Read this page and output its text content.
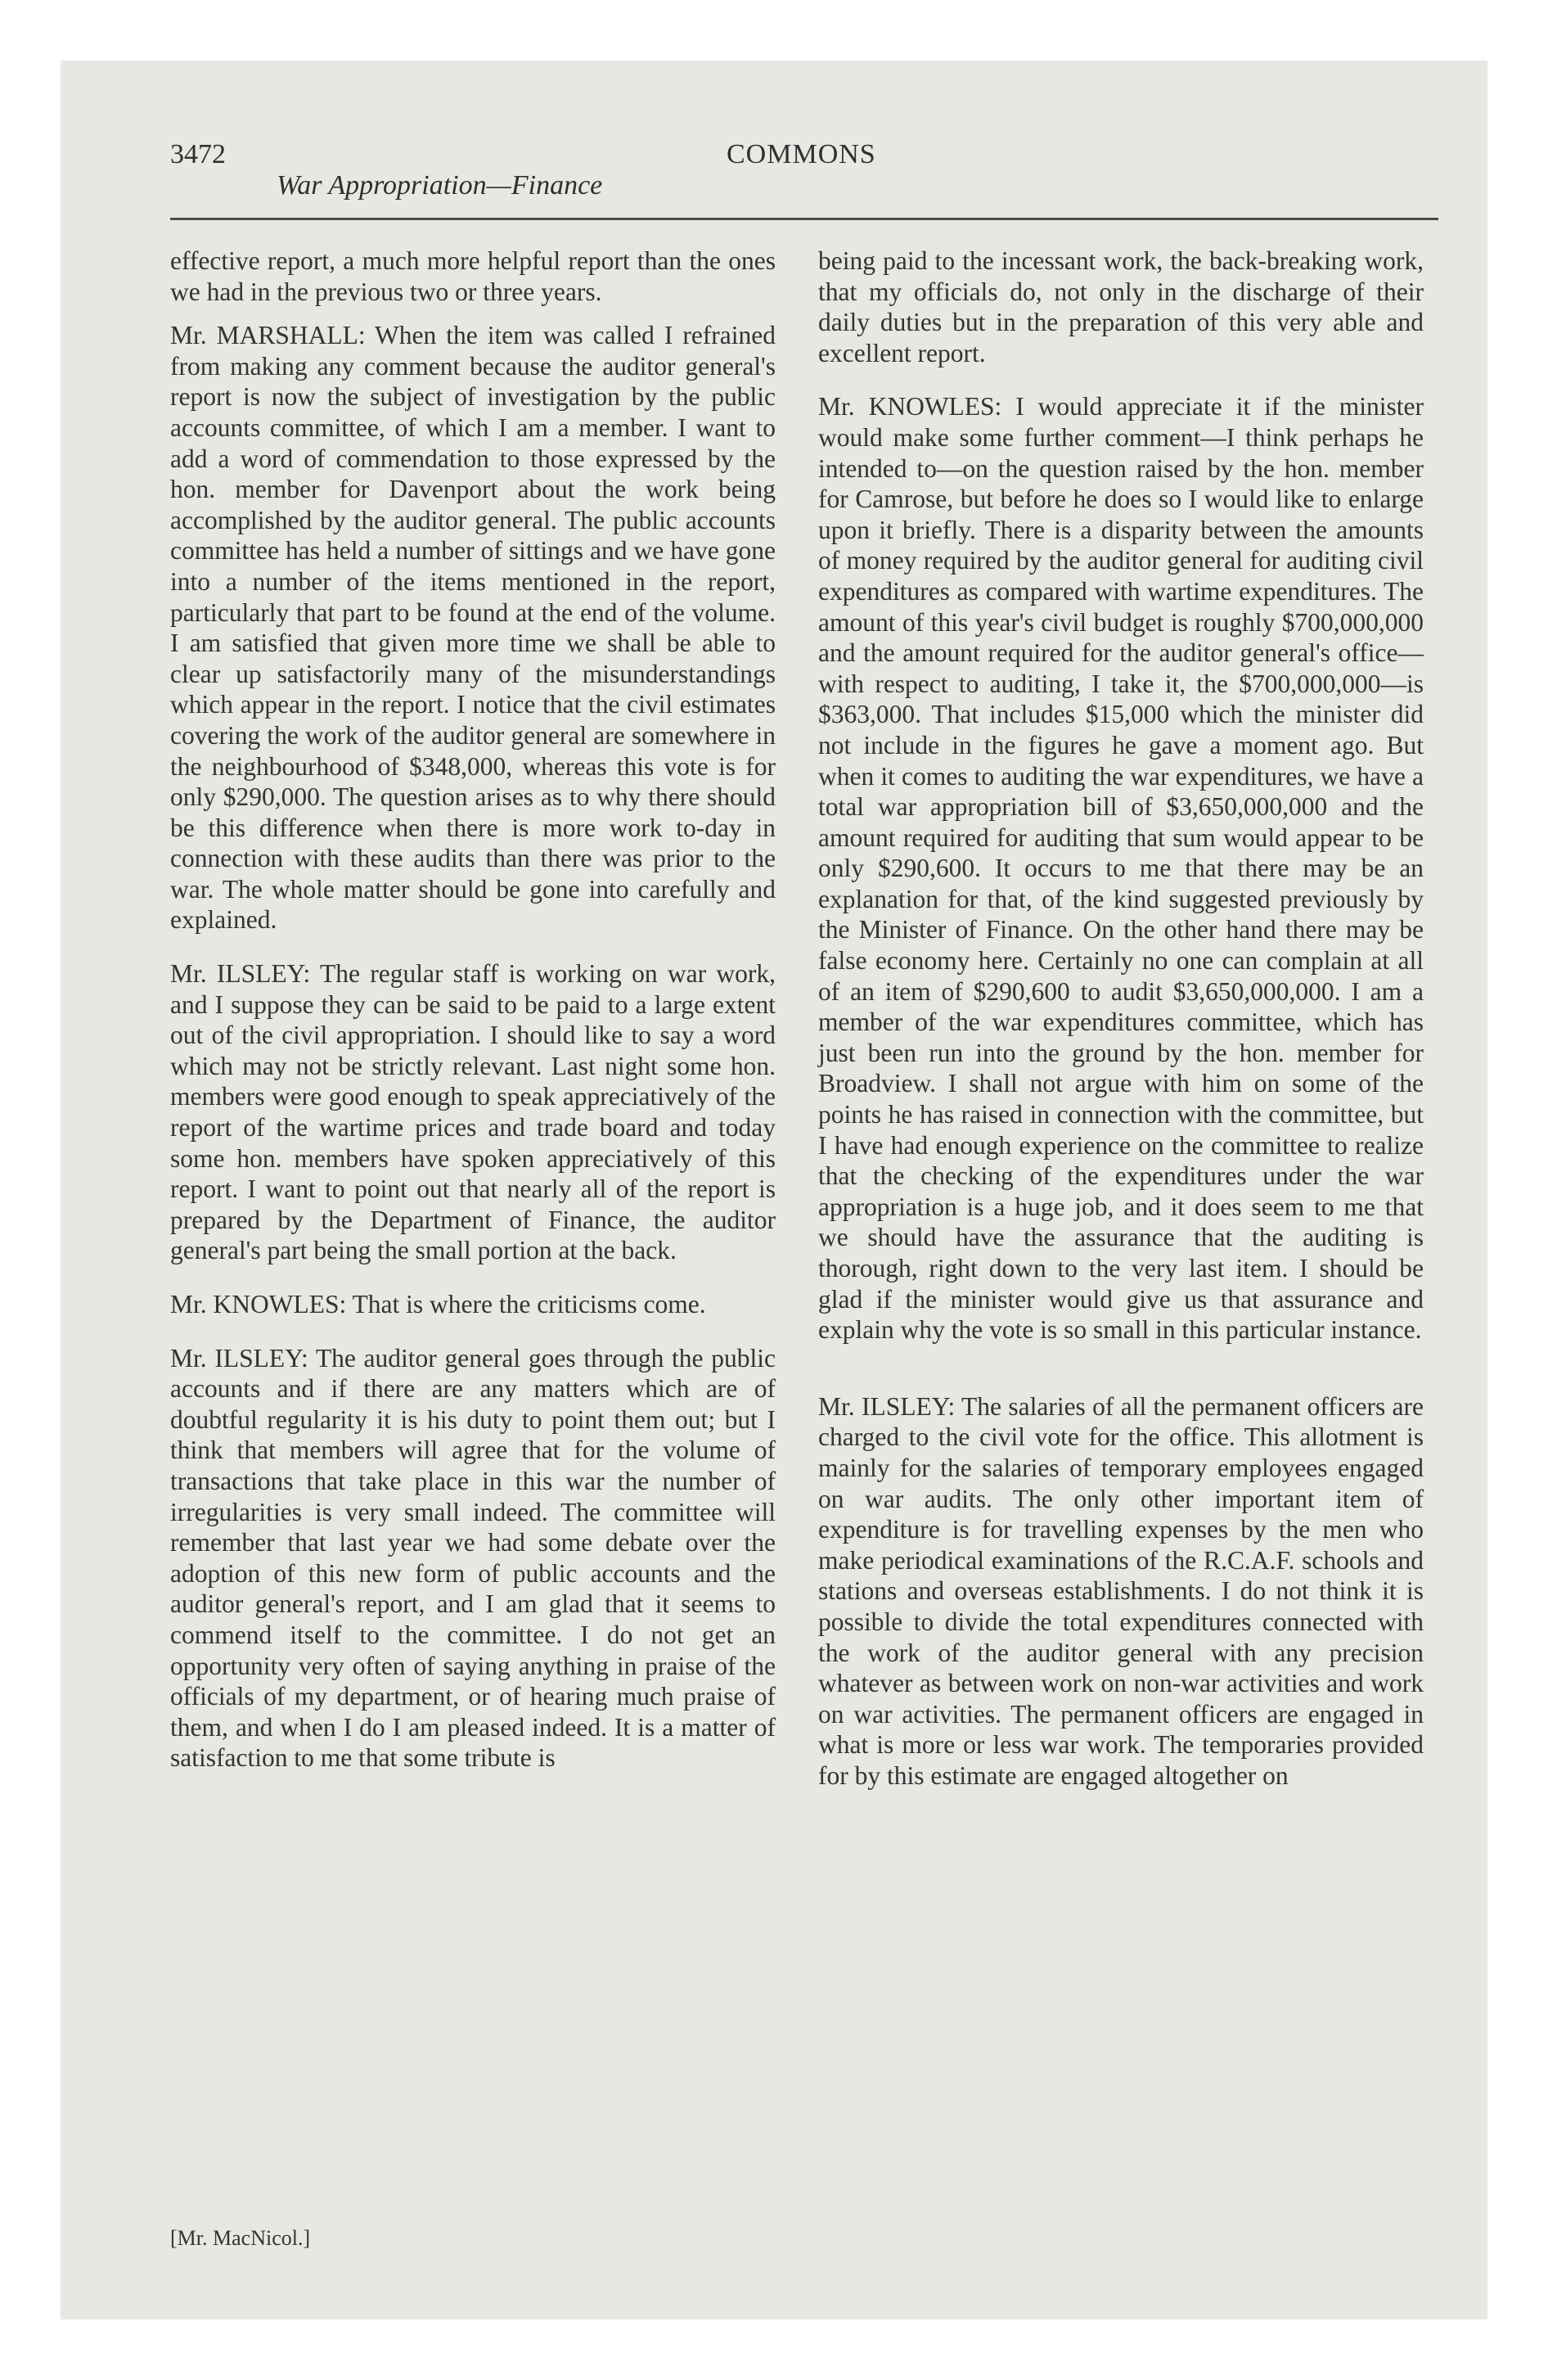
3472
War Appropriation—Finance
COMMONS

effective report, a much more helpful report than the ones we had in the previous two or three years.

Mr. MARSHALL: When the item was called I refrained from making any comment because the auditor general's report is now the subject of investigation by the public accounts committee, of which I am a member. I want to add a word of commendation to those expressed by the hon. member for Davenport about the work being accomplished by the auditor general. The public accounts committee has held a number of sittings and we have gone into a number of the items mentioned in the report, particularly that part to be found at the end of the volume. I am satisfied that given more time we shall be able to clear up satisfactorily many of the misunderstandings which appear in the report. I notice that the civil estimates covering the work of the auditor general are somewhere in the neighbourhood of $348,000, whereas this vote is for only $290,000. The question arises as to why there should be this difference when there is more work to-day in connection with these audits than there was prior to the war. The whole matter should be gone into carefully and explained.

Mr. ILSLEY: The regular staff is working on war work, and I suppose they can be said to be paid to a large extent out of the civil appropriation. I should like to say a word which may not be strictly relevant. Last night some hon. members were good enough to speak appreciatively of the report of the wartime prices and trade board and today some hon. members have spoken appreciatively of this report. I want to point out that nearly all of the report is prepared by the Department of Finance, the auditor general's part being the small portion at the back.

Mr. KNOWLES: That is where the criticisms come.

Mr. ILSLEY: The auditor general goes through the public accounts and if there are any matters which are of doubtful regularity it is his duty to point them out; but I think that members will agree that for the volume of transactions that take place in this war the number of irregularities is very small indeed. The committee will remember that last year we had some debate over the adoption of this new form of public accounts and the auditor general's report, and I am glad that it seems to commend itself to the committee. I do not get an opportunity very often of saying anything in praise of the officials of my department, or of hearing much praise of them, and when I do I am pleased indeed. It is a matter of satisfaction to me that some tribute is

being paid to the incessant work, the back-breaking work, that my officials do, not only in the discharge of their daily duties but in the preparation of this very able and excellent report.

Mr. KNOWLES: I would appreciate it if the minister would make some further comment—I think perhaps he intended to—on the question raised by the hon. member for Camrose, but before he does so I would like to enlarge upon it briefly. There is a disparity between the amounts of money required by the auditor general for auditing civil expenditures as compared with wartime expenditures. The amount of this year's civil budget is roughly $700,000,000 and the amount required for the auditor general's office—with respect to auditing, I take it, the $700,000,000—is $363,000. That includes $15,000 which the minister did not include in the figures he gave a moment ago. But when it comes to auditing the war expenditures, we have a total war appropriation bill of $3,650,000,000 and the amount required for auditing that sum would appear to be only $290,600. It occurs to me that there may be an explanation for that, of the kind suggested previously by the Minister of Finance. On the other hand there may be false economy here. Certainly no one can complain at all of an item of $290,600 to audit $3,650,000,000. I am a member of the war expenditures committee, which has just been run into the ground by the hon. member for Broadview. I shall not argue with him on some of the points he has raised in connection with the committee, but I have had enough experience on the committee to realize that the checking of the expenditures under the war appropriation is a huge job, and it does seem to me that we should have the assurance that the auditing is thorough, right down to the very last item. I should be glad if the minister would give us that assurance and explain why the vote is so small in this particular instance.

Mr. ILSLEY: The salaries of all the permanent officers are charged to the civil vote for the office. This allotment is mainly for the salaries of temporary employees engaged on war audits. The only other important item of expenditure is for travelling expenses by the men who make periodical examinations of the R.C.A.F. schools and stations and overseas establishments. I do not think it is possible to divide the total expenditures connected with the work of the auditor general with any precision whatever as between work on non-war activities and work on war activities. The permanent officers are engaged in what is more or less war work. The temporaries provided for by this estimate are engaged altogether on

[Mr. MacNicol.]
